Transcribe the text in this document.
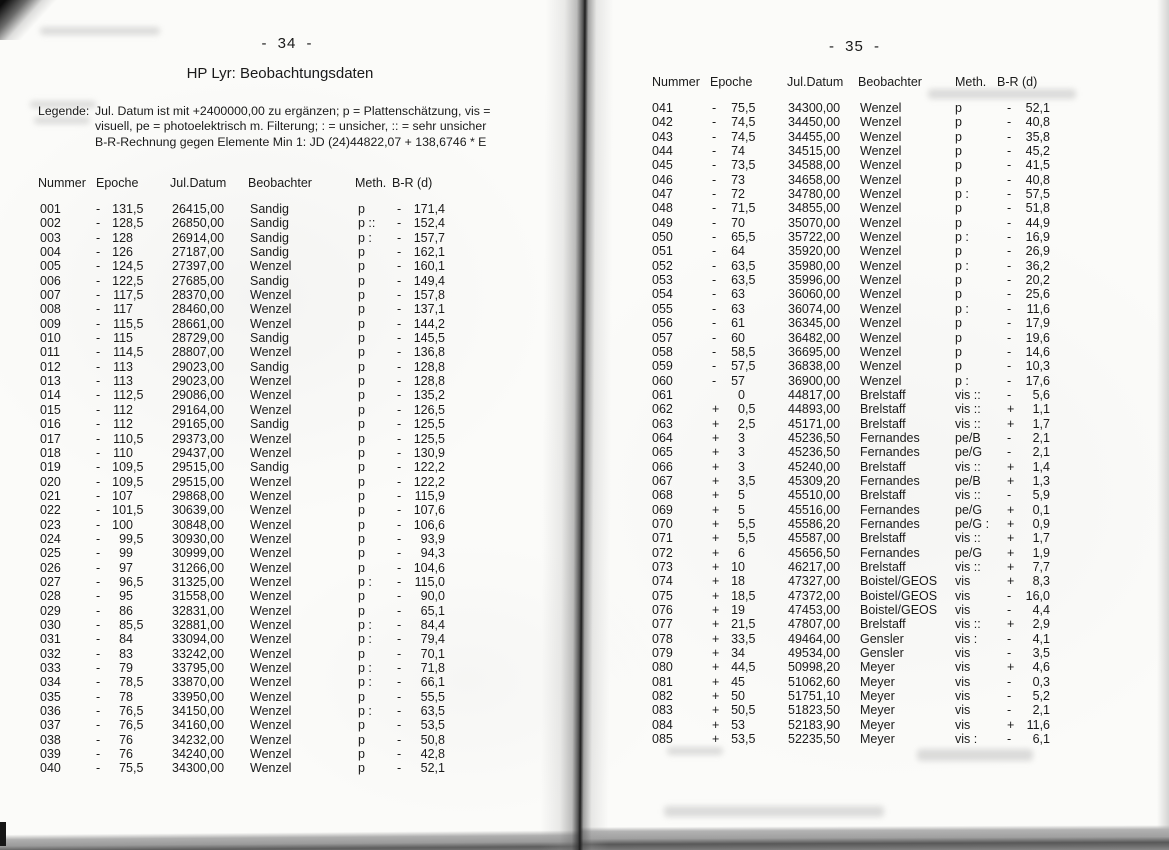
- 34 -
HP Lyr: Beobachtungsdaten
Legende: Jul. Datum ist mit +2400000,00 zu ergänzen; p = Plattenschätzung, vis =
visuell, pe = photoelektrisch m. Filterung; : = unsicher, :: = sehr unsicher
B-R-Rechnung gegen Elemente Min 1: JD (24)44822,07 + 138,6746 * E
Nummer Epoche	Jul.Datum Beobachter	Meth. B-R (d)
001	- 131 ,5 26415,00 Sandig	p	-	171,4
002	- 128 ,5 26850,00 Sandig	p :: -	152,4
003	- 128	26914,00 Sandig	p : -	157,7
004	- 126	27187,00 Sandig	p	-	162,1
005	- 124 ,5 27397,00 Wenzel	p	-	160,1
006	- 122 ,5 27685,00 Sandig	p	-	149,4
007	-	117 ,5 28370,00 Wenzel	p	-	157,8
008	-	117	28460,00 Wenzel	p	-	137,1
009	-	115 ,5 28661,00 Wenzel	p	-	144,2
010	-	115	28729,00 Sandig	p	-	145,5
011	-	114 ,5 28807,00 Wenzel	p	-	136,8
012	-	113	29023,00 Sandig	p	-	128,8
013	-	113	29023,00 Wenzel	p	-	128,8
014	-	112 ,5 29086,00 Wenzel	p	-	135,2
015	-	112	29164,00 Wenzel	p	-	126,5
016	-	112	29165,00 Sandig	p	-	125,5
017	-	110 ,5 29373,00 Wenzel	p	-	125,5
018	-	110	29437,00 Wenzel	p	-	130,9
019	- 109 ,5 29515,00 Sandig	p	-	122,2
020	- 109 ,5 29515,00 Wenzel	p	-	122,2
021	- 107	29868,00 Wenzel	p	-	115,9
022	- 101 ,5 30639,00 Wenzel	p	-	107,6
023	- 100	30848,00 Wenzel	p	-	106,6
024	-	99 ,5 30930,00 Wenzel	p	-	93,9
025	-	99	30999,00 Wenzel	p	-	94,3
026	-	97	31266,00 Wenzel	p	-	104,6
027	-	96 ,5 31325,00 Wenzel	p : -	115,0
028	-	95	31558,00 Wenzel	p	-	90,0
029	-	86	32831,00 Wenzel	p	-	65,1
030	-	85 ,5 32881,00 Wenzel	p : -	84,4
031	-	84	33094,00 Wenzel	p : -	79,4
032	-	83	33242,00 Wenzel	p	-	70,1
033	-	79	33795,00 Wenzel	p : -	71,8
034	-	78 ,5 33870,00 Wenzel	p : -	66,1
035	-	78	33950,00 Wenzel	p	-	55,5
036	-	76 ,5 34150,00 Wenzel	p : -	63,5
037	-	76 ,5 34160,00 Wenzel	p	-	53,5
038	-	76	34232,00 Wenzel	p	-	50,8
039	-	76	34240,00 Wenzel	p	-	42,8
040	-	75 ,5 34300,00 Wenzel	p	-	52,1
- 35 -
Nummer Epoche	Jul.Datum Beobachter	Meth. B-R (d)
041	-	75 ,5	34300,00 Wenzel	p	-	52,1
042	-	74 ,5	34450,00 Wenzel	p	-	40,8
043	-	74 ,5	34455,00 Wenzel	p	-	35,8
044	-	74	34515,00 Wenzel	p	-	45,2
045	-	73 ,5	34588,00 Wenzel	p	-	41,5
046	-	73	34658,00 Wenzel	p	-	40,8
047	-	72	34780,00 Wenzel	p :	-	57,5
048	-	71 ,5	34855,00 Wenzel	p	-	51,8
049	-	70	35070,00 Wenzel	p	-	44,9
050	-	65 ,5	35722,00 Wenzel	p :	-	16,9
051	-	64	35920,00 Wenzel	p	-	26,9
052	-	63 ,5	35980,00 Wenzel	p :	-	36,2
053	-	63 ,5	35996,00 Wenzel	p	-	20,2
054	-	63	36060,00 Wenzel	p	-	25,6
055	-	63	36074,00 Wenzel	p :	-	11,6
056	-	61	36345,00 Wenzel	p	-	17,9
057	-	60	36482,00 Wenzel	p	-	19,6
058	-	58 ,5	36695,00 Wenzel	p	-	14,6
059	-	57 ,5	36838,00 Wenzel	p	-	10,3
060	-	57	36900,00 Wenzel	p :	-	17,6
061	0	44817,00 Brelstaff	vis :: -	5,6
062	+	0 ,5	44893,00 Brelstaff	vis :: +	1,1
063	+	2 ,5	45171,00 Brelstaff	vis :: +	1,7
064	+	3	45236,50 Fernandes	pe/B -	2,1
065	+	3	45236,50 Fernandes	pe/G -	2,1
066	+	3	45240,00 Brelstaff	vis :: +	1,4
067	+	3 ,5	45309,20 Fernandes	pe/B +	1,3
068	+	5	45510,00 Brelstaff	vis :: -	5,9
069	+	5	45516,00 Fernandes	pe/G +	0,1
070	+	5 ,5	45586,20 Fernandes	pe/G : +	0,9
071	+	5 ,5	45587,00 Brelstaff	vis :: +	1,7
072	+	6	45656,50 Fernandes	pe/G +	1,9
073	+ 10	46217,00 Brelstaff	vis :: +	7,7
074	+ 18	47327,00 Boistel/GEOS vis	+	8,3
075	+ 18 ,5	47372,00 Boistel/GEOS vis	-	16,0
076	+ 19	47453,00 Boistel/GEOS vis	-	4,4
077	+ 21 ,5	47807,00 Brelstaff	vis :: +	2,9
078	+ 33 ,5	49464,00 Gensler	vis : -	4,1
079	+ 34	49534,00 Gensler	vis	-	3,5
080	+ 44 ,5	50998,20 Meyer	vis	+	4,6
081	+ 45	51062,60 Meyer	vis	-	0,3
082	+ 50	51751,10 Meyer	vis	-	5,2
083	+ 50 ,5	51823,50 Meyer	vis	-	2,1
084	+ 53	52183,90 Meyer	vis	+ 11,6
085	+ 53 ,5	52235,50 Meyer	vis : -	6,1
